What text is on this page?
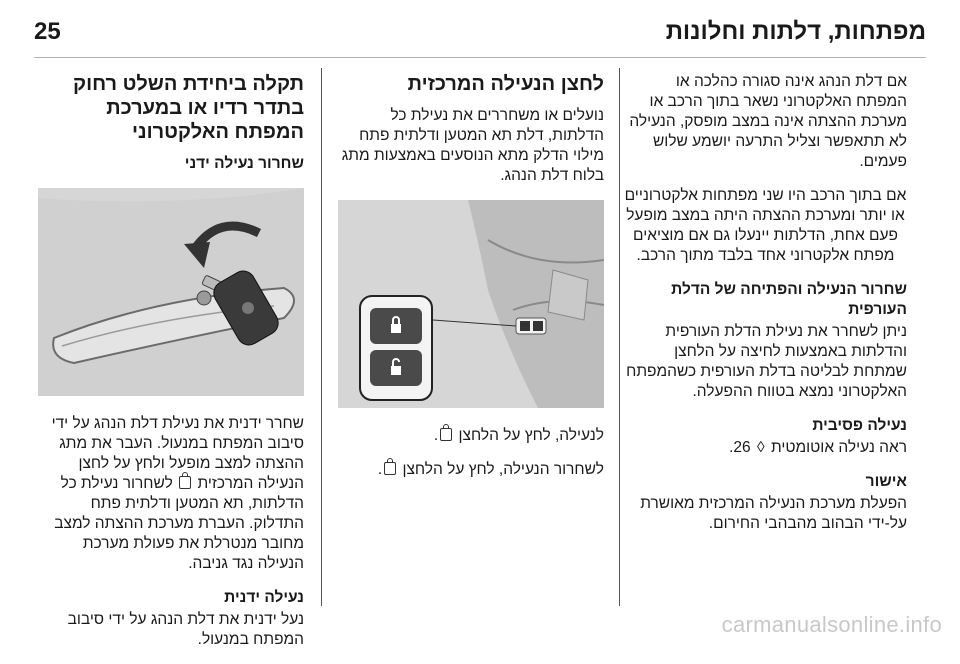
25	מפתחות, דלתות וחלונות

אם דלת הנהג אינה סגורה כהלכה או המפתח האלקטרוני נשאר בתוך הרכב או מערכת ההצתה אינה במצב מופסק, הנעילה לא תתאפשר וצליל התרעה יושמע שלוש פעמים.

אם בתוך הרכב היו שני מפתחות אלקטרוניים או יותר ומערכת ההצתה היתה במצב מופעל פעם אחת, הדלתות יינעלו גם אם מוציאים מפתח אלקטרוני אחד בלבד מתוך הרכב.

שחרור הנעילה והפתיחה של הדלת העורפית

ניתן לשחרר את נעילת הדלת העורפית והדלתות באמצעות לחיצה על הלחצן שמתחת לבליטה בדלת העורפית כשהמפתח האלקטרוני נמצא בטווח ההפעלה.

נעילה פסיבית

ראה נעילה אוטומטית ◊ 26.

אישור

הפעלת מערכת הנעילה המרכזית מאושרת על-ידי הבהוב מהבהבי החירום.

לחצן הנעילה המרכזית

נועלים או משחררים את נעילת כל הדלתות, דלת תא המטען ודלתית פתח מילוי הדלק מתא הנוסעים באמצעות מתג בלוח דלת הנהג.

לנעילה, לחץ על הלחצן .

לשחרור הנעילה, לחץ על הלחצן .

תקלה ביחידת השלט רחוק בתדר רדיו או במערכת המפתח האלקטרוני
שחרור נעילה ידני

שחרר ידנית את נעילת דלת הנהג על ידי סיבוב המפתח במנעול. העבר את מתג ההצתה למצב מופעל ולחץ על לחצן הנעילה המרכזית  לשחרור נעילת כל הדלתות, תא המטען ודלתית פתח התדלוק. העברת מערכת ההצתה למצב מחובר מנטרלת את פעולת מערכת הנעילה נגד גניבה.

נעילה ידנית

נעל ידנית את דלת הנהג על ידי סיבוב המפתח במנעול.

carmanualsonline.info
